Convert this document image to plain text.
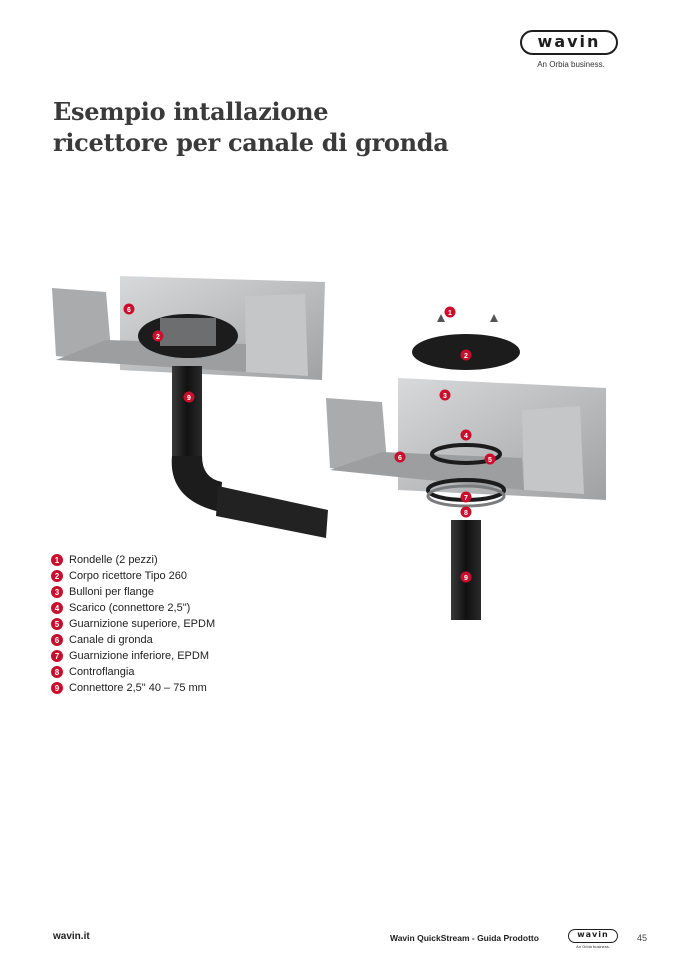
wavin
An Orbia business.
Esempio intallazione
ricettore per canale di gronda
1
2
2
3
4
5
6
6
7
8
9
9
1 Rondelle (2 pezzi)
2 Corpo ricettore Tipo 260
3 Bulloni per flange
4 Scarico (connettore 2,5")
5 Guarnizione superiore, EPDM
6 Canale di gronda
7 Guarnizione inferiore, EPDM
8 Controflangia
9 Connettore 2,5" 40 – 75 mm
wavin.it	Wavin QuickStream - Guida Prodotto	wavin
An Orbia business.
45
